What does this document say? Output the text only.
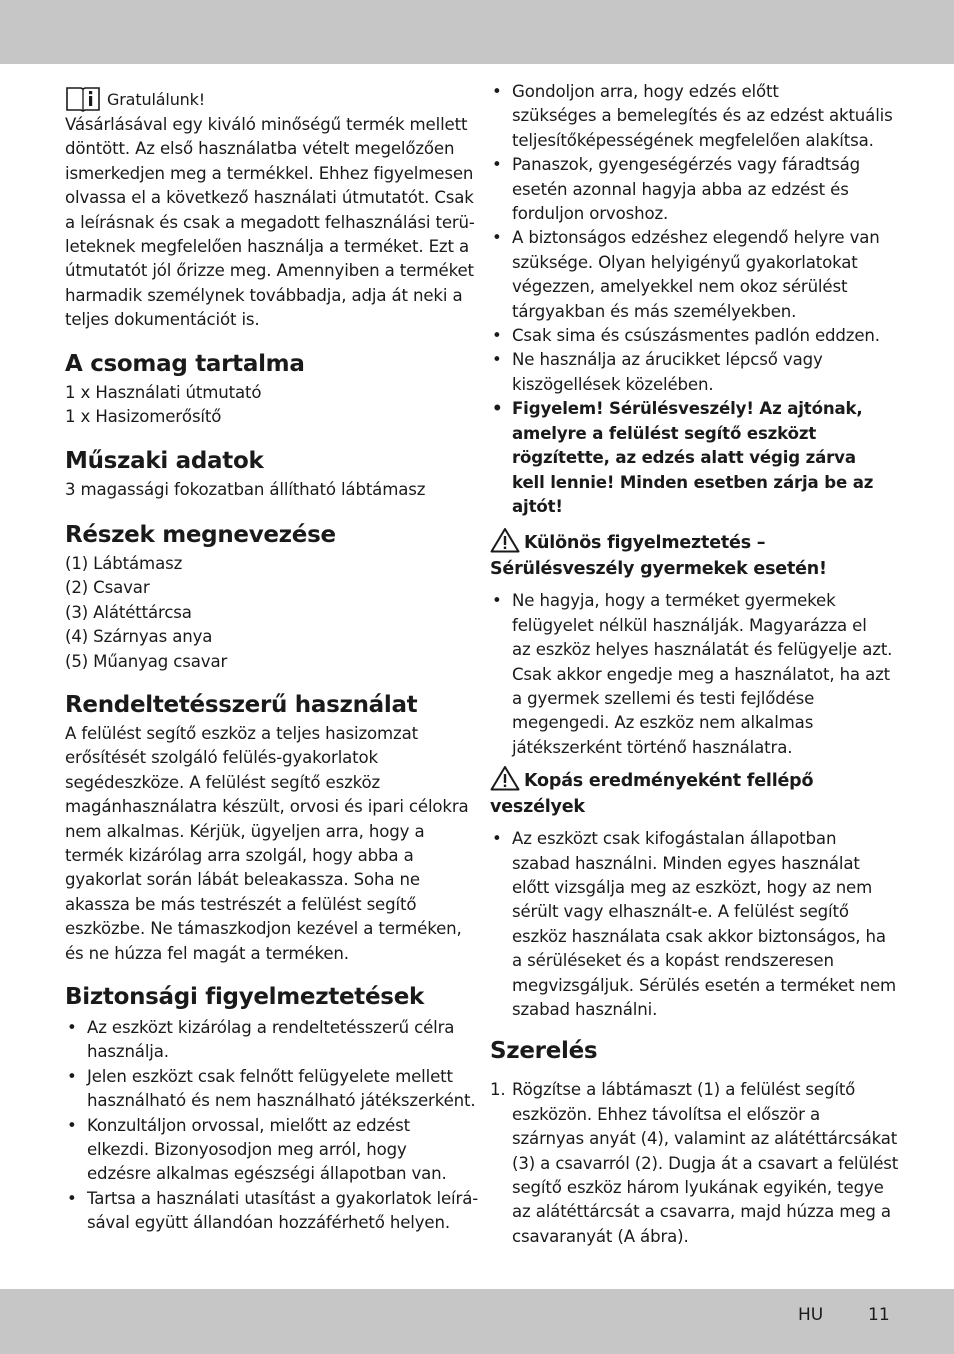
Gratulálunk!

Vásárlásával egy kiváló minőségű termék mellett
döntött. Az első használatba vételt megelőzően
ismerkedjen meg a termékkel. Ehhez figyelmesen
olvassa el a következő használati útmutatót. Csak
a leírásnak és csak a megadott felhasználási terü-
leteknek megfelelően használja a terméket. Ezt a
útmutatót jól őrizze meg. Amennyiben a terméket
harmadik személynek továbbadja, adja át neki a
teljes dokumentációt is.

A csomag tartalma

1 x Használati útmutató
1 x Hasizomerősítő

Műszaki adatok

3 magassági fokozatban állítható lábtámasz

Részek megnevezése

(1) Lábtámasz
(2) Csavar
(3) Alátéttárcsa
(4) Szárnyas anya
(5) Műanyag csavar

Rendeltetésszerű használat

A felülést segítő eszköz a teljes hasizomzat
erősítését szolgáló felülés-gyakorlatok
segédeszköze. A felülést segítő eszköz
magánhasználatra készült, orvosi és ipari célokra
nem alkalmas. Kérjük, ügyeljen arra, hogy a
termék kizárólag arra szolgál, hogy abba a
gyakorlat során lábát beleakassza. Soha ne
akassza be más testrészét a felülést segítő
eszközbe. Ne támaszkodjon kezével a terméken,
és ne húzza fel magát a terméken.

Biztonsági figyelmeztetések
• Az eszközt kizárólag a rendeltetésszerű célra
használja.
• Jelen eszközt csak felnőtt felügyelete mellett
használható és nem használható játékszerként.
• Konzultáljon orvossal, mielőtt az edzést
elkezdi. Bizonyosodjon meg arról, hogy
edzésre alkalmas egészségi állapotban van.
• Tartsa a használati utasítást a gyakorlatok leírá-
sával együtt állandóan hozzáférhető helyen.
• Gondoljon arra, hogy edzés előtt
szükséges a bemelegítés és az edzést aktuális
teljesítőképességének megfelelően alakítsa.
• Panaszok, gyengeségérzés vagy fáradtság
esetén azonnal hagyja abba az edzést és
forduljon orvoshoz.
• A biztonságos edzéshez elegendő helyre van
szüksége. Olyan helyigényű gyakorlatokat
végezzen, amelyekkel nem okoz sérülést
tárgyakban és más személyekben.
• Csak sima és csúszásmentes padlón eddzen.
• Ne használja az árucikket lépcső vagy
kiszögellések közelében.
• Figyelem! Sérülésveszély! Az ajtónak,
amelyre a felülést segítő eszközt
rögzítette, az edzés alatt végig zárva
kell lennie! Minden esetben zárja be az
ajtót!
Különös figyelmeztetés –
Sérülésveszély gyermekek esetén!
• Ne hagyja, hogy a terméket gyermekek
felügyelet nélkül használják. Magyarázza el
az eszköz helyes használatát és felügyelje azt.
Csak akkor engedje meg a használatot, ha azt
a gyermek szellemi és testi fejlődése
megengedi. Az eszköz nem alkalmas
játékszerként történő használatra.
Kopás eredményeként fellépő
veszélyek
• Az eszközt csak kifogástalan állapotban
szabad használni. Minden egyes használat
előtt vizsgálja meg az eszközt, hogy az nem
sérült vagy elhasznált-e. A felülést segítő
eszköz használata csak akkor biztonságos, ha
a sérüléseket és a kopást rendszeresen
megvizsgáljuk. Sérülés esetén a terméket nem
szabad használni.
Szerelés
1. Rögzítse a lábtámaszt (1) a felülést segítő
eszközön. Ehhez távolítsa el először a
szárnyas anyát (4), valamint az alátéttárcsákat
(3) a csavarról (2). Dugja át a csavart a felülést
segítő eszköz három lyukának egyikén, tegye
az alátéttárcsát a csavarra, majd húzza meg a
csavaranyát (A ábra).
HU	11
